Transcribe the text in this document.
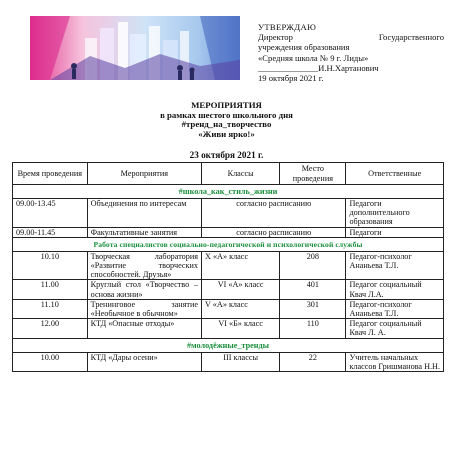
УТВЕРЖДАЮ
Директор	Государственного
учреждения образования
«Средняя школа № 9 г. Лиды»
______________И.Н.Хартанович
19 октября 2021 г.
МЕРОПРИЯТИЯ
в рамках шестого школьного дня
#тренд_на_творчество
«Живи ярко!»
23 октября 2021 г.
Время проведения	Мероприятия	Классы	Место проведения	Ответственные
#школа_как_стиль_жизни				
09.00-13.45	Объединения по интересам	согласно расписанию		Педагоги дополнительного образования
09.00-11.45	Факультативные занятия	согласно расписанию		Педагоги
Работа специалистов социально-педагогической и психологической службы				
10.10	Творческая лаборатория «Развитие творческих способностей. Друзья»	X «А» класс	208	Педагог-психолог Ананьева Т.Л.
11.00	Круглый стол «Творчество – основа жизни»	VI «А» класс	401	Педагог социальный Квач Л.А.
11.10	Тренинговое занятие «Необычное в обычном»	V «А» класс	301	Педагог-психолог Ананьева Т.Л.
12.00	КТД «Опасные отходы»	VI «Б» класс	110	Педагог социальный Квач Л. А.
#молодёжные_тренды				
10.00	КТД «Дары осени»	III классы	22	Учитель начальных классов Гришманова Н.Н.
